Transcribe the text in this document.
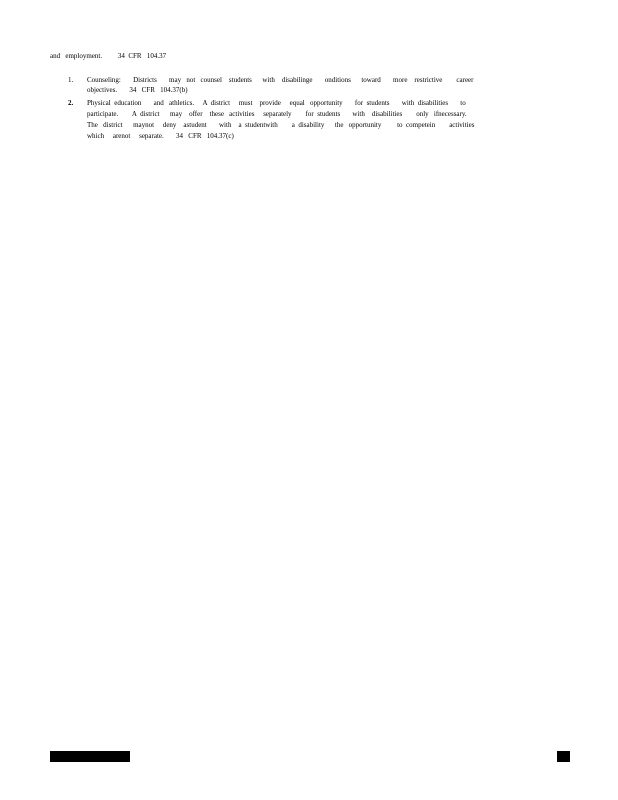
and   employment.         34  CFR   104.37
1. Counseling:       Districts       may   not   counsel    students      with    disabilinge       onditions      toward       more    restrictive        career
objectives.       34   CFR   104.37(b)
2. Physical  education       and   athletics.     A  district     must    provide     equal   opportunity       for  students       with  disabilities       to
participate.        A  district      may    offer    these   activities     separately        for  students       with    disabilities        only   ifnecessary.
The   district      maynot     deny    astudent       with    a  studentwith        a  disability      the   opportunity         to  competein        activities
which     arenot     separate.       34   CFR   104.37(c)
